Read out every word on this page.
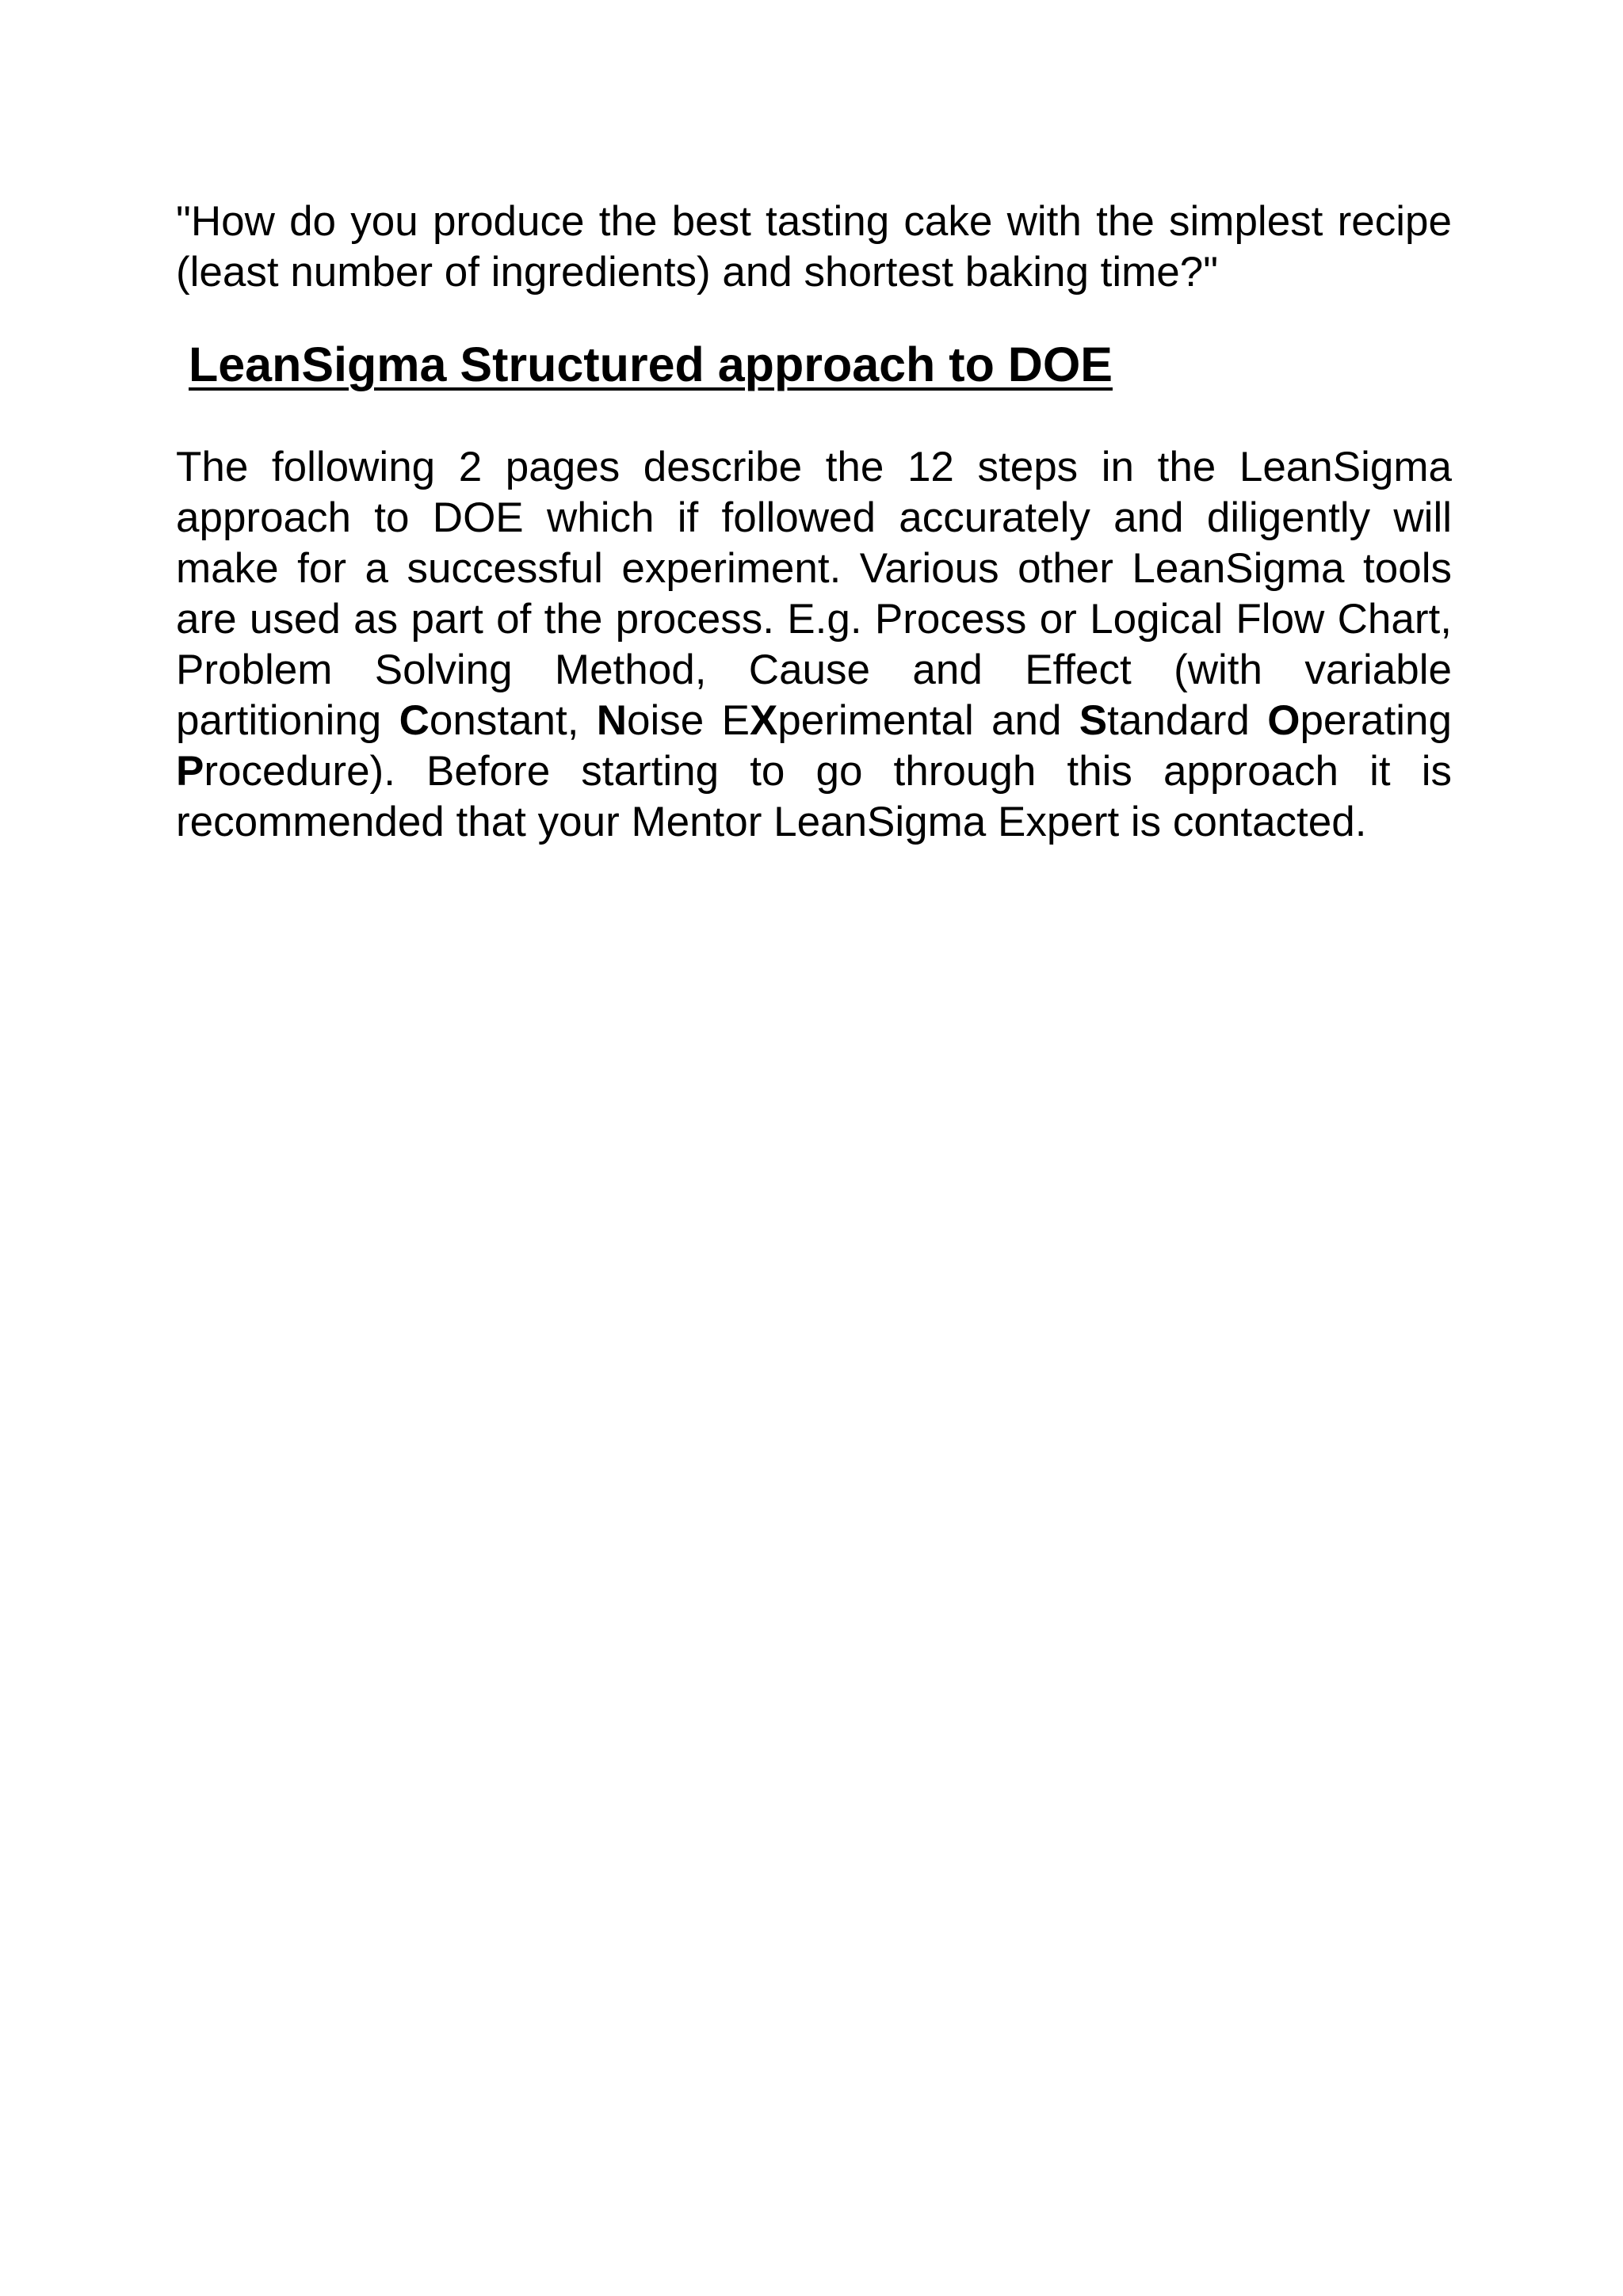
"How do you produce the best tasting cake with the simplest recipe (least number of ingredients) and shortest baking time?"

LeanSigma Structured approach to DOE

The following 2 pages describe the 12 steps in the LeanSigma approach to DOE which if followed accurately and diligently will make for a successful experiment. Various other LeanSigma tools are used as part of the process. E.g. Process or Logical Flow Chart, Problem Solving Method, Cause and Effect (with variable partitioning Constant, Noise EXperimental and Standard Operating Procedure). Before starting to go through this approach it is recommended that your Mentor LeanSigma Expert is contacted.
